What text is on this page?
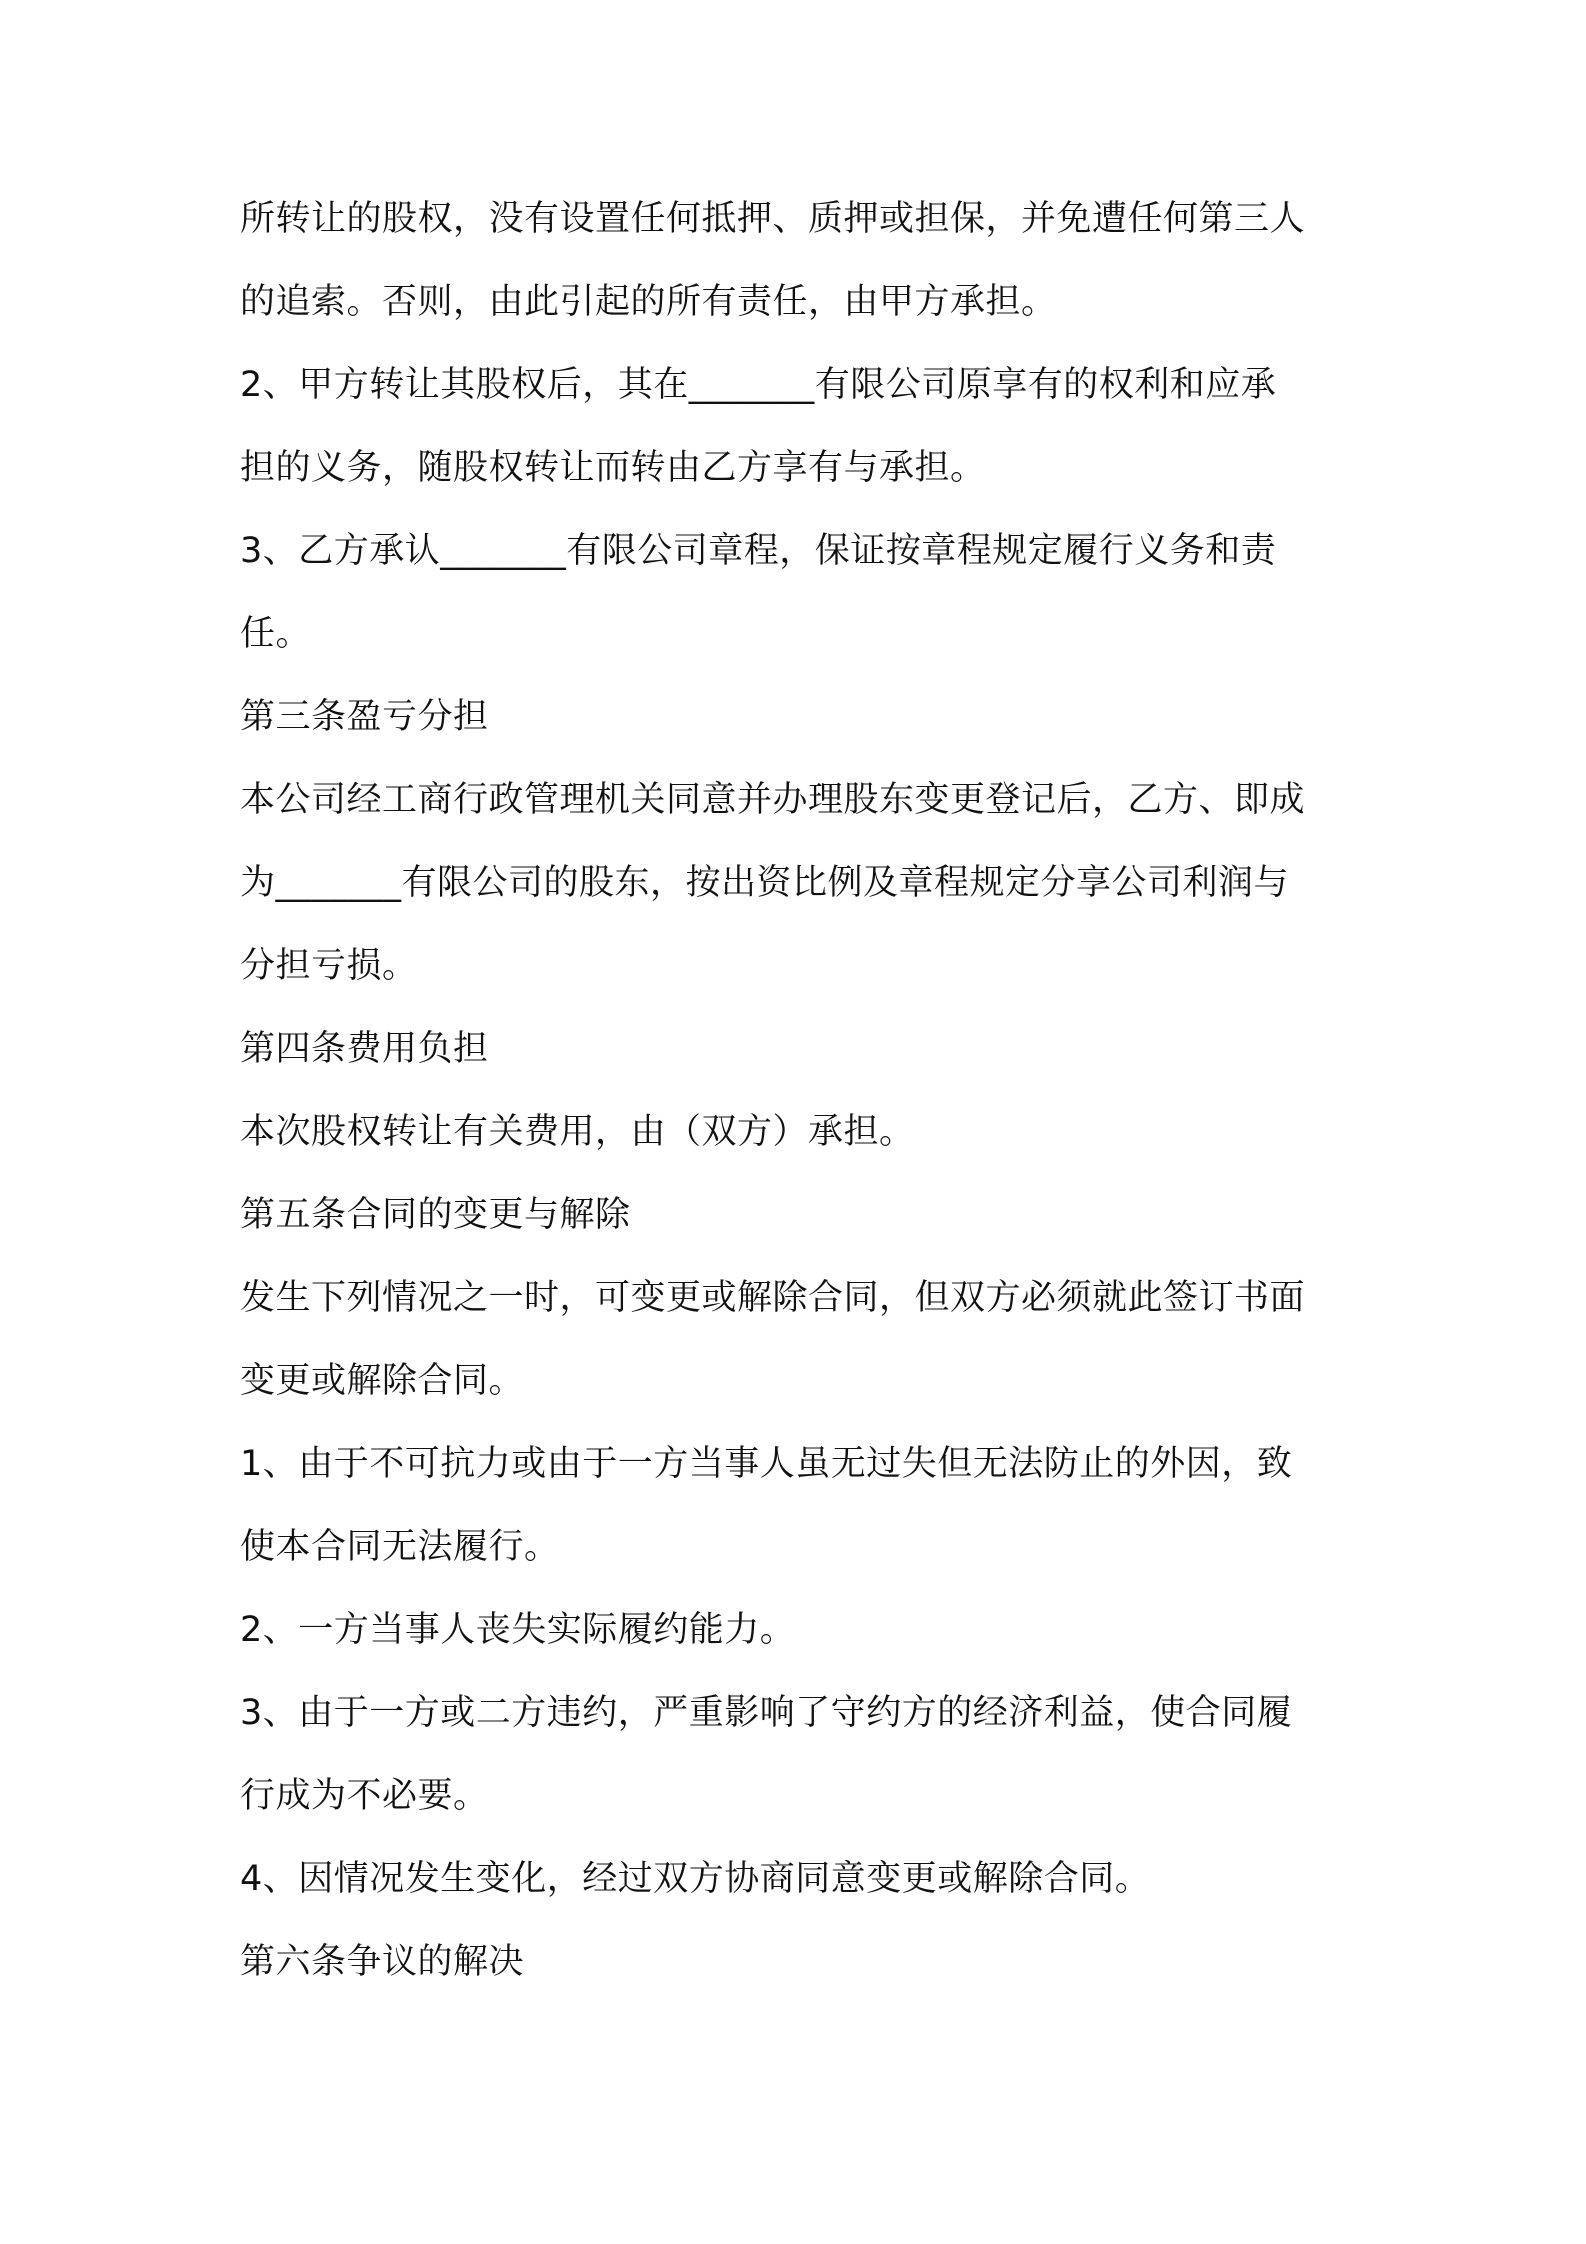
所转让的股权，没有设置任何抵押、质押或担保，并免遭任何第三人

的追索。否则，由此引起的所有责任，由甲方承担。

2、甲方转让其股权后，其在_______有限公司原享有的权利和应承

担的义务，随股权转让而转由乙方享有与承担。

3、乙方承认_______有限公司章程，保证按章程规定履行义务和责

任。

第三条盈亏分担

本公司经工商行政管理机关同意并办理股东变更登记后，乙方、即成

为_______有限公司的股东，按出资比例及章程规定分享公司利润与

分担亏损。

第四条费用负担

本次股权转让有关费用，由（双方）承担。

第五条合同的变更与解除

发生下列情况之一时，可变更或解除合同，但双方必须就此签订书面

变更或解除合同。

1、由于不可抗力或由于一方当事人虽无过失但无法防止的外因，致

使本合同无法履行。

2、一方当事人丧失实际履约能力。

3、由于一方或二方违约，严重影响了守约方的经济利益，使合同履

行成为不必要。

4、因情况发生变化，经过双方协商同意变更或解除合同。

第六条争议的解决
